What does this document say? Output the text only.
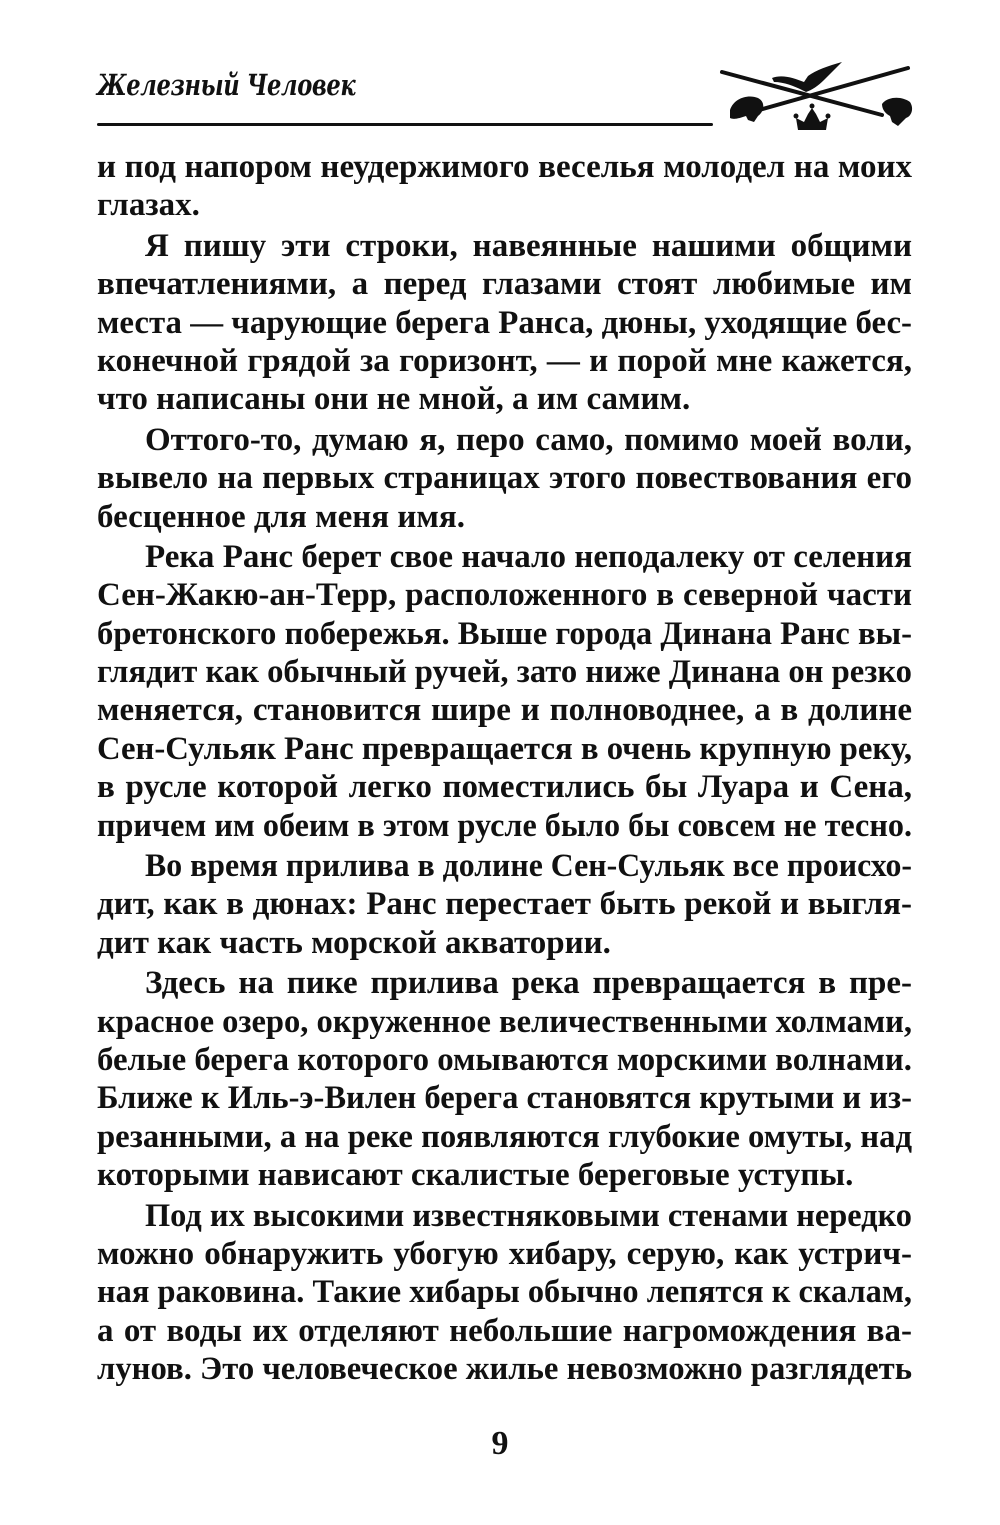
Железный Человек
и под напором неудержимого веселья молодел на моих
глазах.
Я пишу эти строки, навеянные нашими общими
впечатлениями, а перед глазами стоят любимые им
места — чарующие берега Ранса, дюны, уходящие бес-
конечной грядой за горизонт, — и порой мне кажется,
что написаны они не мной, а им самим.
Оттого-то, думаю я, перо само, помимо моей воли,
вывело на первых страницах этого повествования его
бесценное для меня имя.
Река Ранс берет свое начало неподалеку от селения
Сен-Жакю-ан-Терр, расположенного в северной части
бретонского побережья. Выше города Динана Ранс вы-
глядит как обычный ручей, зато ниже Динана он резко
меняется, становится шире и полноводнее, а в долине
Сен-Сульяк Ранс превращается в очень крупную реку,
в русле которой легко поместились бы Луара и Сена,
причем им обеим в этом русле было бы совсем не тесно.
Во время прилива в долине Сен-Сульяк все происхо-
дит, как в дюнах: Ранс перестает быть рекой и выгля-
дит как часть морской акватории.
Здесь на пике прилива река превращается в пре-
красное озеро, окруженное величественными холмами,
белые берега которого омываются морскими волнами.
Ближе к Иль-э-Вилен берега становятся крутыми и из-
резанными, а на реке появляются глубокие омуты, над
которыми нависают скалистые береговые уступы.
Под их высокими известняковыми стенами нередко
можно обнаружить убогую хибару, серую, как устрич-
ная раковина. Такие хибары обычно лепятся к скалам,
а от воды их отделяют небольшие нагромождения ва-
лунов. Это человеческое жилье невозможно разглядеть
9
